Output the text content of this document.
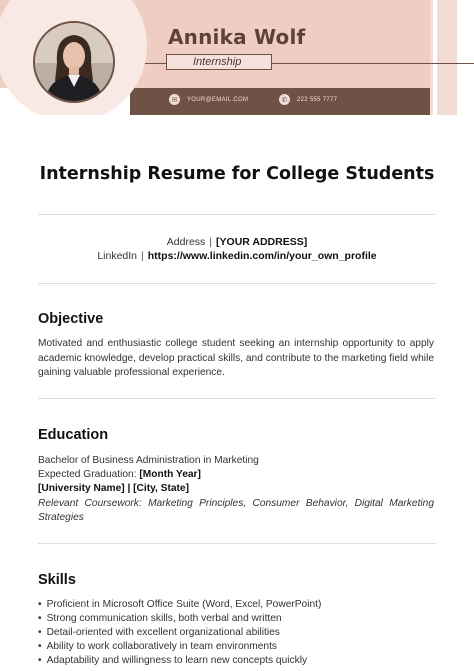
Annika Wolf
Internship
✉	YOUR@EMAIL.COM	✆	222 555 7777
Internship Resume for College Students
Address | [YOUR ADDRESS]
LinkedIn | https://www.linkedin.com/in/your_own_profile
Objective
Motivated and enthusiastic college student seeking an internship opportunity to apply academic knowledge, develop practical skills, and contribute to the marketing field while gaining valuable professional experience.
Education
Bachelor of Business Administration in Marketing
Expected Graduation: [Month Year]
[University Name] | [City, State]
Relevant Coursework: Marketing Principles, Consumer Behavior, Digital Marketing Strategies
Skills
• Proficient in Microsoft Office Suite (Word, Excel, PowerPoint)
• Strong communication skills, both verbal and written
• Detail-oriented with excellent organizational abilities
• Ability to work collaboratively in team environments
• Adaptability and willingness to learn new concepts quickly
